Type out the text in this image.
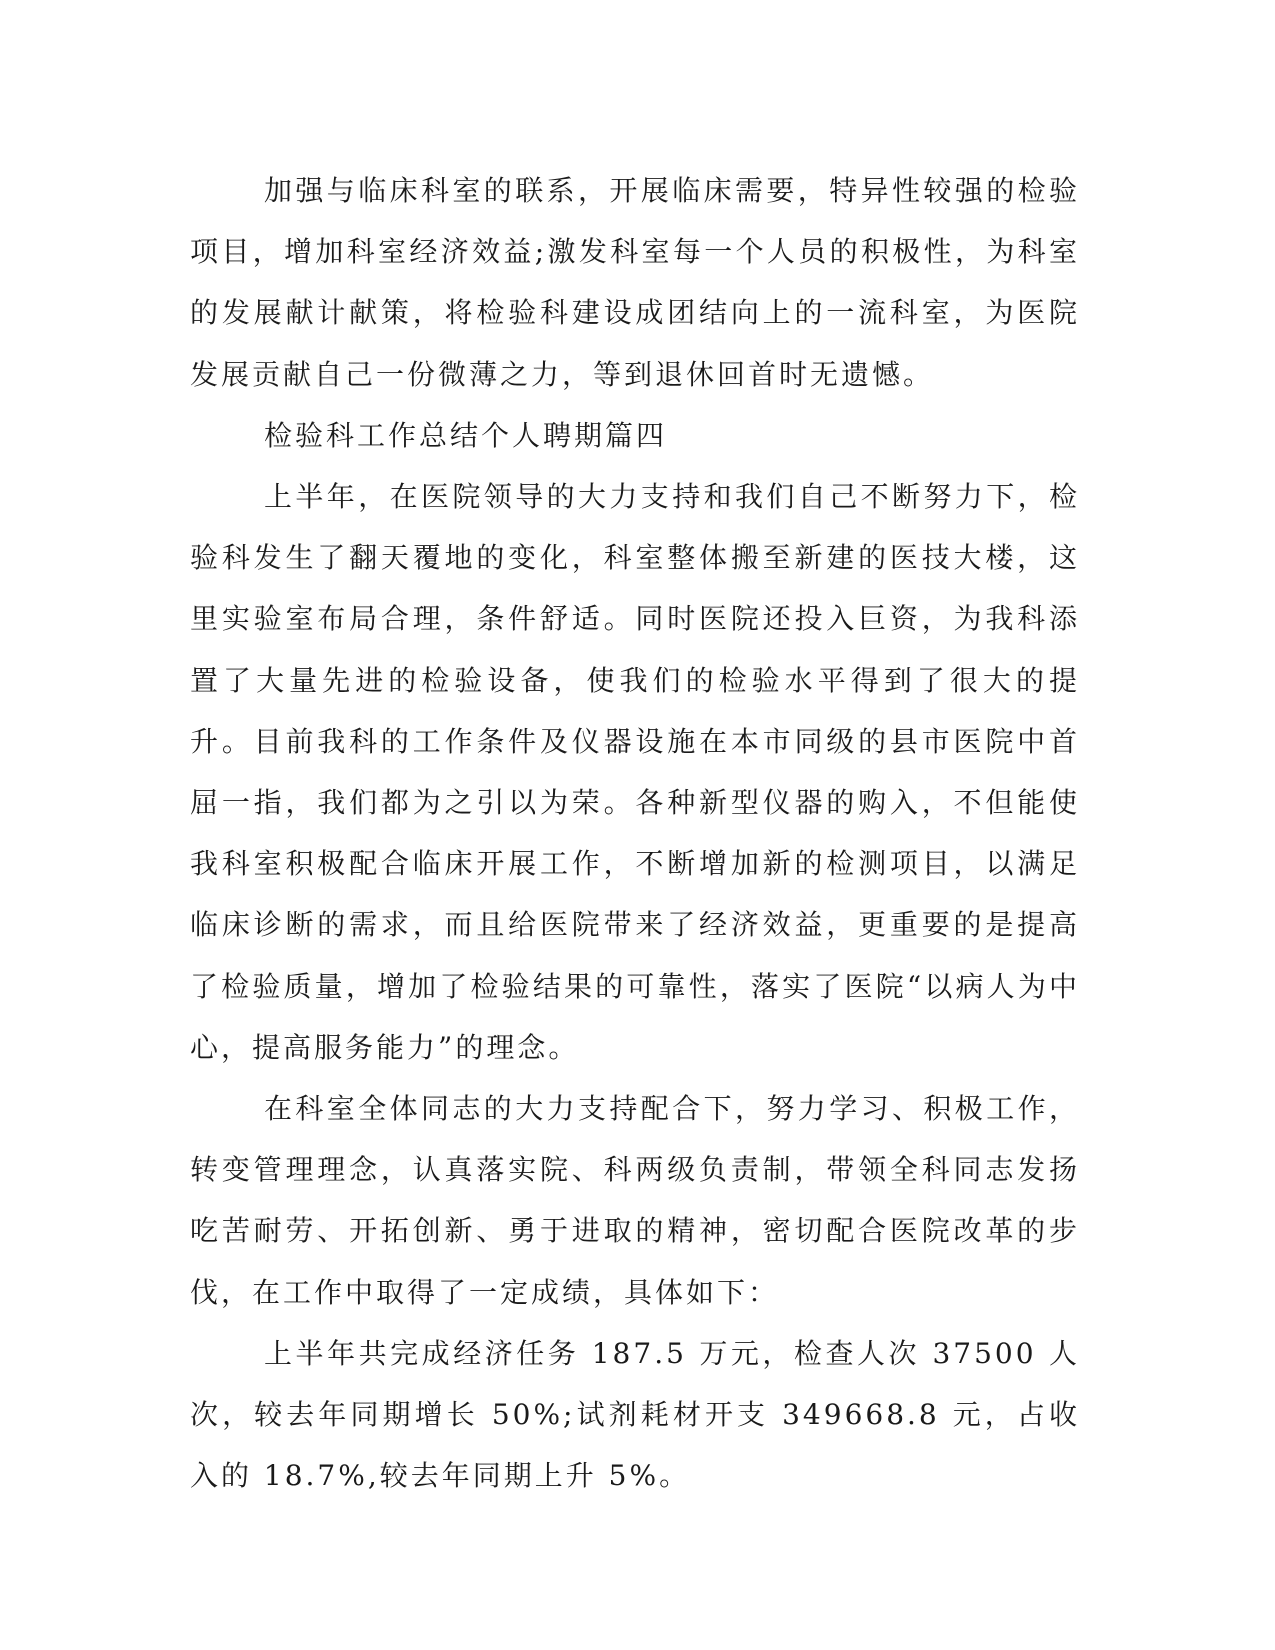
加强与临床科室的联系，开展临床需要，特异性较强的检验项目，增加科室经济效益;激发科室每一个人员的积极性，为科室的发展献计献策，将检验科建设成团结向上的一流科室，为医院发展贡献自己一份微薄之力，等到退休回首时无遗憾。

检验科工作总结个人聘期篇四

上半年，在医院领导的大力支持和我们自己不断努力下，检验科发生了翻天覆地的变化，科室整体搬至新建的医技大楼，这里实验室布局合理，条件舒适。同时医院还投入巨资，为我科添置了大量先进的检验设备，使我们的检验水平得到了很大的提升。目前我科的工作条件及仪器设施在本市同级的县市医院中首屈一指，我们都为之引以为荣。各种新型仪器的购入，不但能使我科室积极配合临床开展工作，不断增加新的检测项目，以满足临床诊断的需求，而且给医院带来了经济效益，更重要的是提高了检验质量，增加了检验结果的可靠性，落实了医院“以病人为中心，提高服务能力”的理念。

在科室全体同志的大力支持配合下，努力学习、积极工作，转变管理理念，认真落实院、科两级负责制，带领全科同志发扬吃苦耐劳、开拓创新、勇于进取的精神，密切配合医院改革的步伐，在工作中取得了一定成绩，具体如下：

上半年共完成经济任务 187.5 万元，检查人次 37500 人次，较去年同期增长 50%;试剂耗材开支 349668.8 元，占收入的 18.7%,较去年同期上升 5%。
